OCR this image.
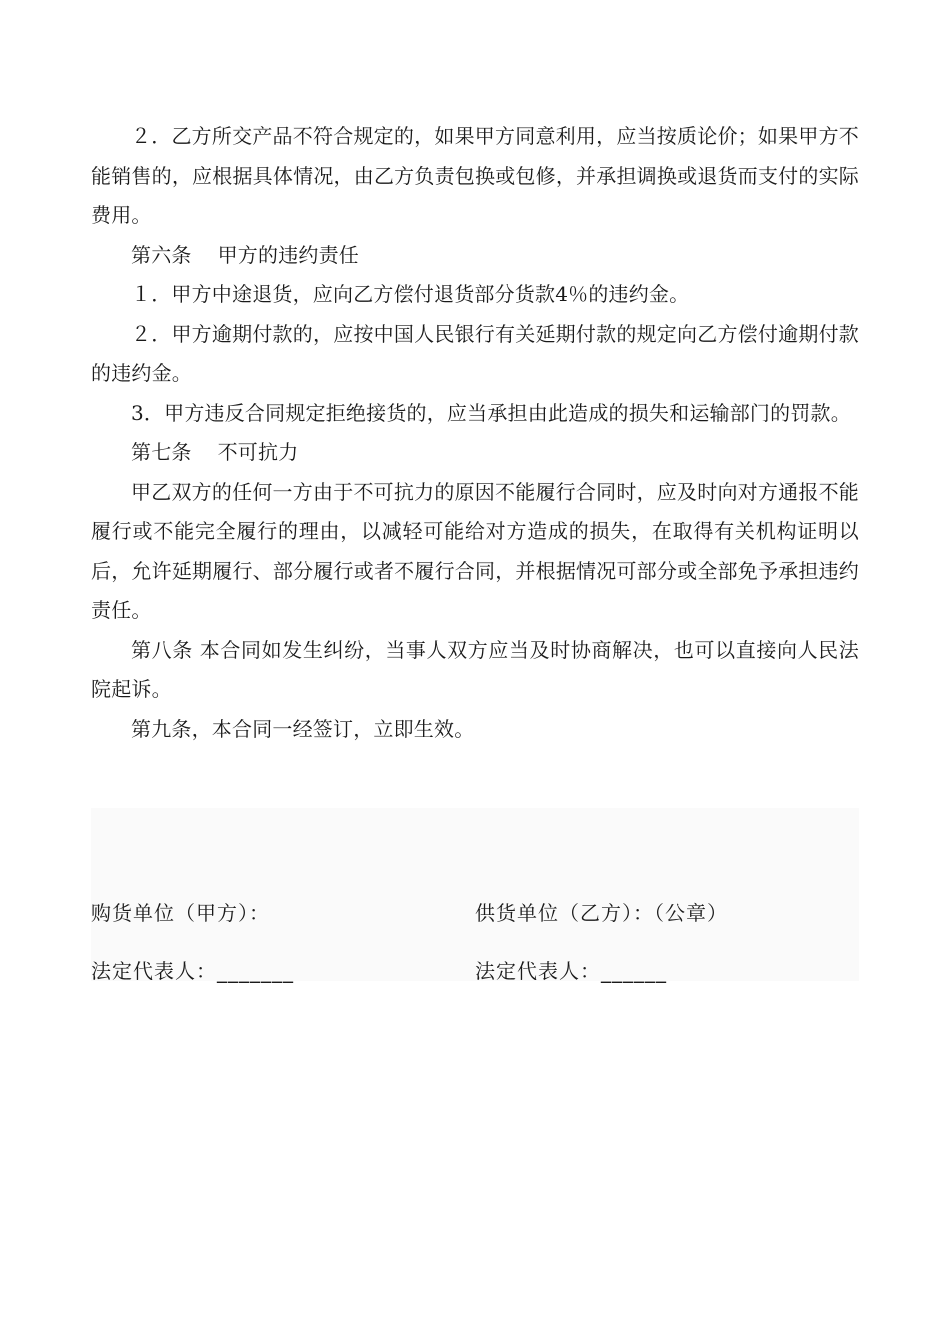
２．乙方所交产品不符合规定的，如果甲方同意利用，应当按质论价；如果甲方不能销售的，应根据具体情况，由乙方负责包换或包修，并承担调换或退货而支付的实际费用。

第六条 甲方的违约责任

１．甲方中途退货，应向乙方偿付退货部分货款4％的违约金。

２．甲方逾期付款的，应按中国人民银行有关延期付款的规定向乙方偿付逾期付款的违约金。

3．甲方违反合同规定拒绝接货的，应当承担由此造成的损失和运输部门的罚款。

第七条 不可抗力

甲乙双方的任何一方由于不可抗力的原因不能履行合同时，应及时向对方通报不能履行或不能完全履行的理由，以减轻可能给对方造成的损失，在取得有关机构证明以后，允许延期履行、部分履行或者不履行合同，并根据情况可部分或全部免予承担违约责任。

第八条 本合同如发生纠纷，当事人双方应当及时协商解决，也可以直接向人民法院起诉。

第九条，本合同一经签订，立即生效。

购货单位（甲方）：	供货单位（乙方）：（公章）
法定代表人：_______	法定代表人：______
